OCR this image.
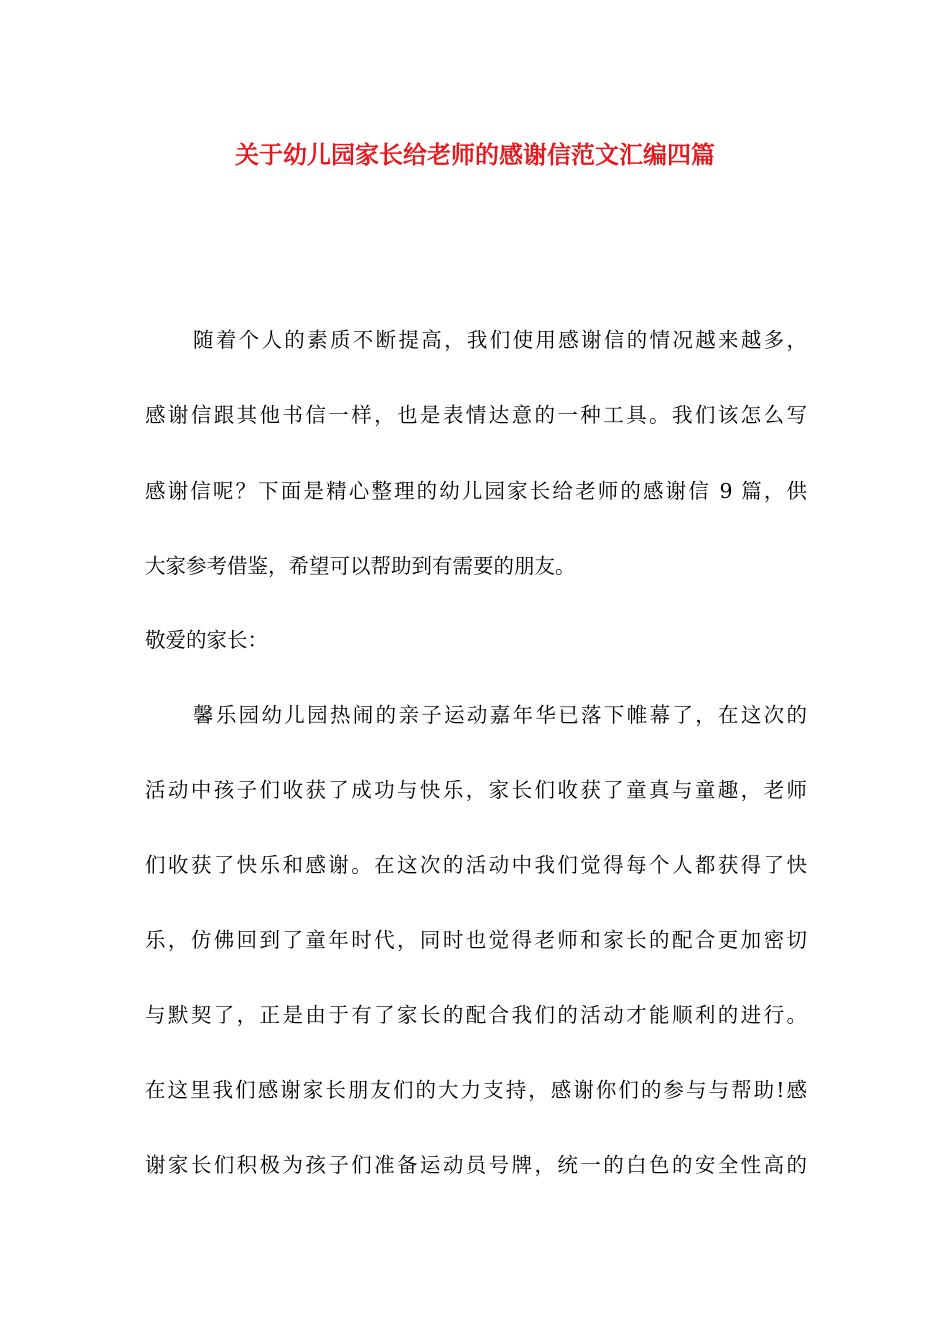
关于幼儿园家长给老师的感谢信范文汇编四篇
随着个人的素质不断提高，我们使用感谢信的情况越来越多，
感谢信跟其他书信一样，也是表情达意的一种工具。我们该怎么写
感谢信呢？下面是精心整理的幼儿园家长给老师的感谢信 9 篇，供
大家参考借鉴，希望可以帮助到有需要的朋友。
敬爱的家长：
馨乐园幼儿园热闹的亲子运动嘉年华已落下帷幕了，在这次的
活动中孩子们收获了成功与快乐，家长们收获了童真与童趣，老师
们收获了快乐和感谢。在这次的活动中我们觉得每个人都获得了快
乐，仿佛回到了童年时代，同时也觉得老师和家长的配合更加密切
与默契了，正是由于有了家长的配合我们的活动才能顺利的进行。
在这里我们感谢家长朋友们的大力支持，感谢你们的参与与帮助!感
谢家长们积极为孩子们准备运动员号牌，统一的白色的安全性高的
